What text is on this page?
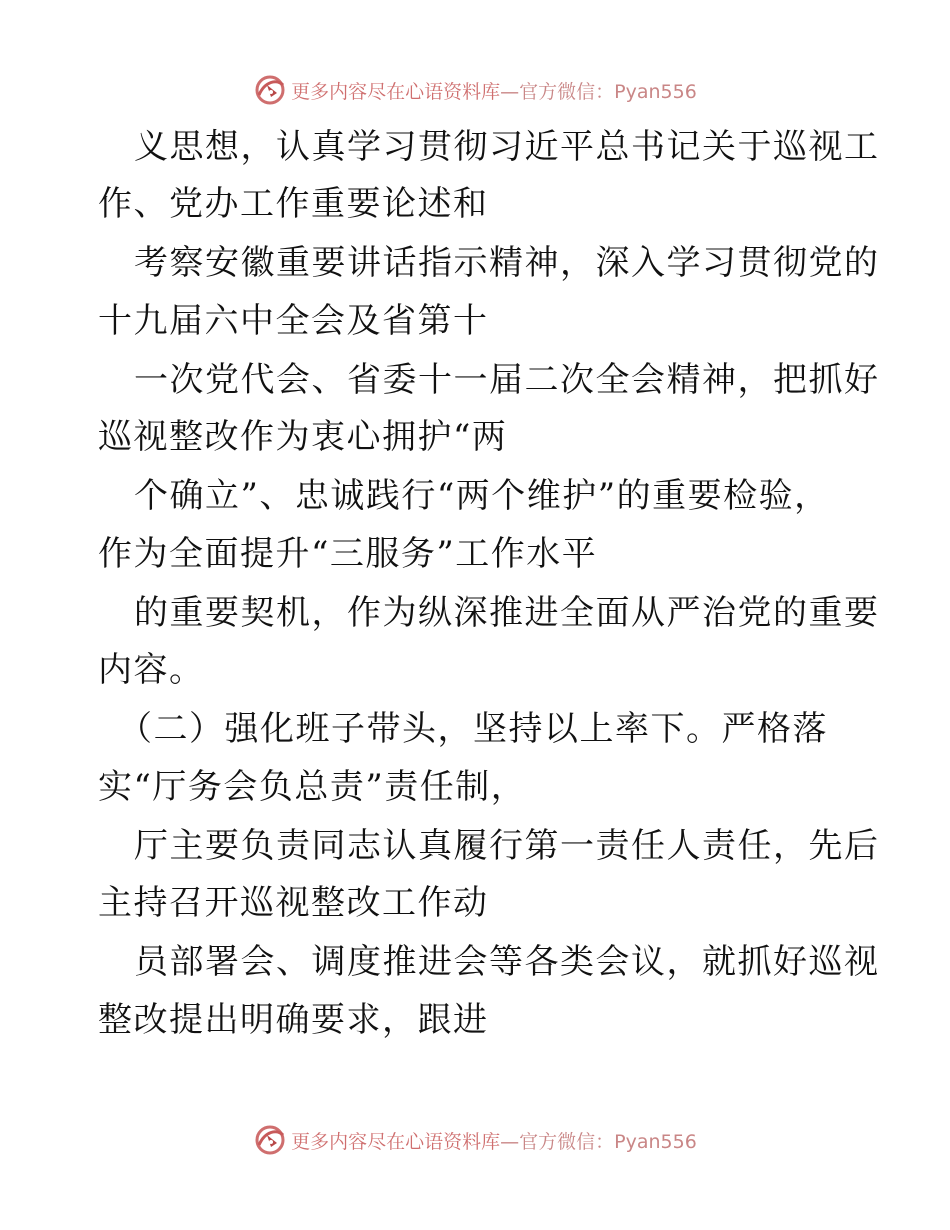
更多内容尽在心语资料库—官方微信：Pyan556
义思想，认真学习贯彻习近平总书记关于巡视工
作、党办工作重要论述和
考察安徽重要讲话指示精神，深入学习贯彻党的
十九届六中全会及省第十
一次党代会、省委十一届二次全会精神，把抓好
巡视整改作为衷心拥护“两
个确立”、忠诚践行“两个维护”的重要检验，
作为全面提升“三服务”工作水平
的重要契机，作为纵深推进全面从严治党的重要
内容。
（二）强化班子带头，坚持以上率下。严格落
实“厅务会负总责”责任制，
厅主要负责同志认真履行第一责任人责任，先后
主持召开巡视整改工作动
员部署会、调度推进会等各类会议，就抓好巡视
整改提出明确要求，跟进
更多内容尽在心语资料库—官方微信：Pyan556
